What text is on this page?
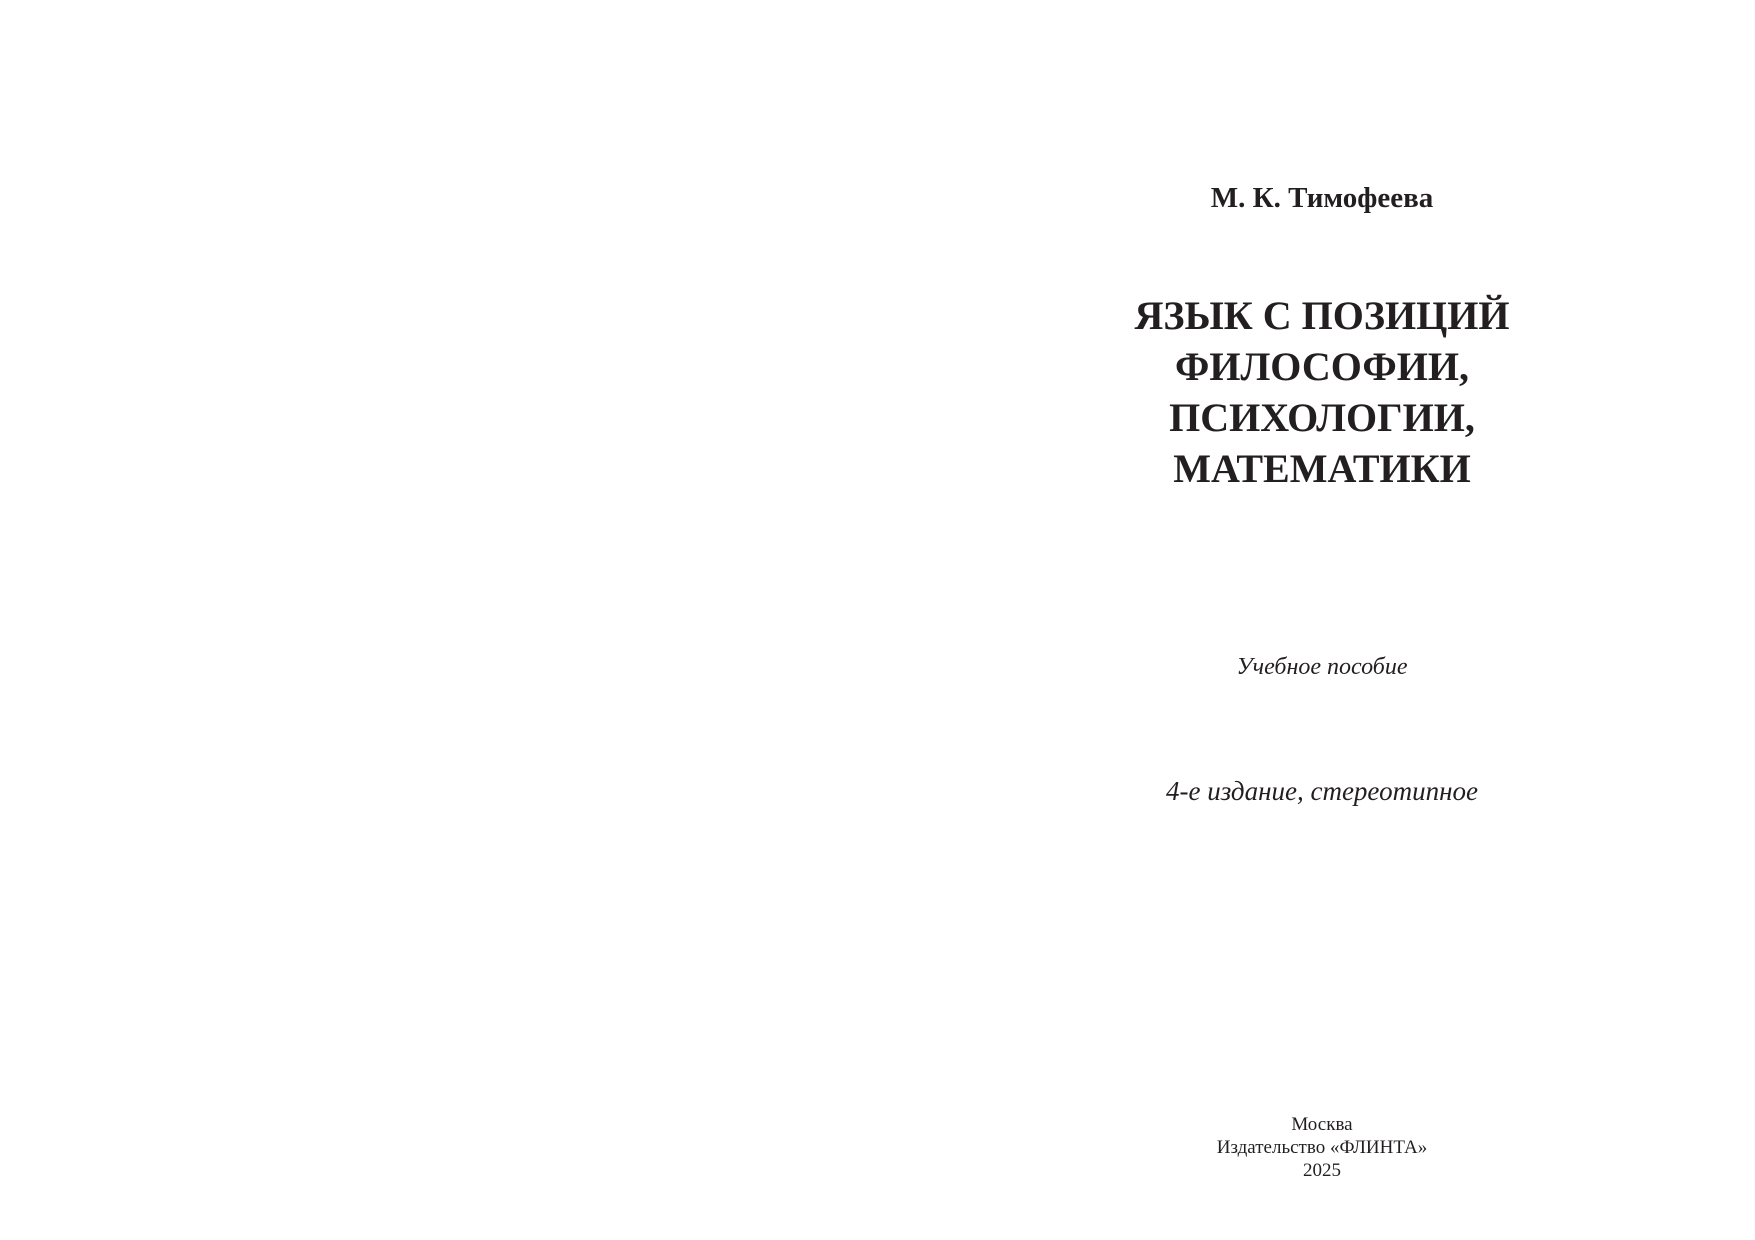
М. К. Тимофеева
ЯЗЫК С ПОЗИЦИЙ
ФИЛОСОФИИ,
ПСИХОЛОГИИ,
МАТЕМАТИКИ
Учебное пособие
4-е издание, стереотипное
Москва
Издательство «ФЛИНТА»
2025
